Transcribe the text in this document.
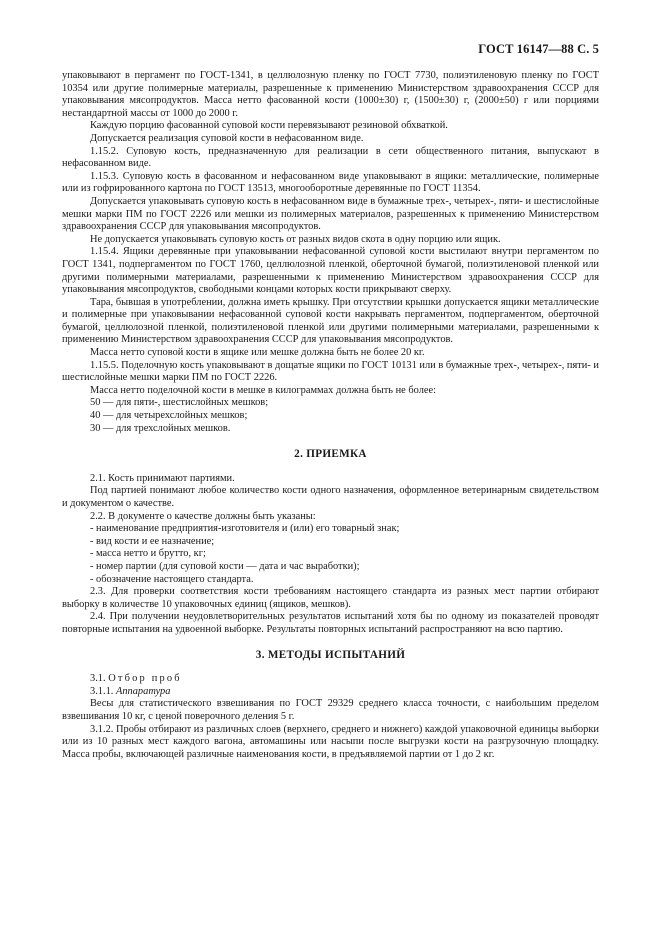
ГОСТ 16147—88 С. 5

упаковывают в пергамент по ГОСТ-1341, в целлюлозную пленку по ГОСТ 7730, полиэтиленовую пленку по ГОСТ 10354 или другие полимерные материалы, разрешенные к применению Министерством здравоохранения СССР для упаковывания мясопродуктов. Масса нетто фасованной кости (1000±30) г, (1500±30) г, (2000±50) г или порциями нестандартной массы от 1000 до 2000 г.

Каждую порцию фасованной суповой кости перевязывают резиновой обхваткой.

Допускается реализация суповой кости в нефасованном виде.

1.15.2. Суповую кость, предназначенную для реализации в сети общественного питания, выпускают в нефасованном виде.

1.15.3. Суповую кость в фасованном и нефасованном виде упаковывают в ящики: металлические, полимерные или из гофрированного картона по ГОСТ 13513, многооборотные деревянные по ГОСТ 11354.

Допускается упаковывать суповую кость в нефасованном виде в бумажные трех-, четырех-, пяти- и шестислойные мешки марки ПМ по ГОСТ 2226 или мешки из полимерных материалов, разрешенных к применению Министерством здравоохранения СССР для упаковывания мясопродуктов.

Не допускается упаковывать суповую кость от разных видов скота в одну порцию или ящик.

1.15.4. Ящики деревянные при упаковывании нефасованной суповой кости выстилают внутри пергаментом по ГОСТ 1341, подпергаментом по ГОСТ 1760, целлюлозной пленкой, оберточной бумагой, полиэтиленовой пленкой или другими полимерными материалами, разрешенными к применению Министерством здравоохранения СССР для упаковывания мясопродуктов, свободными концами которых кости прикрывают сверху.

Тара, бывшая в употреблении, должна иметь крышку. При отсутствии крышки допускается ящики металлические и полимерные при упаковывании нефасованной суповой кости накрывать пергаментом, подпергаментом, оберточной бумагой, целлюлозной пленкой, полиэтиленовой пленкой или другими полимерными материалами, разрешенными к применению Министерством здравоохранения СССР для упаковывания мясопродуктов.

Масса нетто суповой кости в ящике или мешке должна быть не более 20 кг.

1.15.5. Поделочную кость упаковывают в дощатые ящики по ГОСТ 10131 или в бумажные трех-, четырех-, пяти- и шестислойные мешки марки ПМ по ГОСТ 2226.

Масса нетто поделочной кости в мешке в килограммах должна быть не более:

50 — для пяти-, шестислойных мешков;

40 — для четырехслойных мешков;

30 — для трехслойных мешков.

2. ПРИЕМКА

2.1. Кость принимают партиями.

Под партией понимают любое количество кости одного назначения, оформленное ветеринарным свидетельством и документом о качестве.

2.2. В документе о качестве должны быть указаны:

- наименование предприятия-изготовителя и (или) его товарный знак;

- вид кости и ее назначение;

- масса нетто и брутто, кг;

- номер партии (для суповой кости — дата и час выработки);

- обозначение настоящего стандарта.

2.3. Для проверки соответствия кости требованиям настоящего стандарта из разных мест партии отбирают выборку в количестве 10 упаковочных единиц (ящиков, мешков).

2.4. При получении неудовлетворительных результатов испытаний хотя бы по одному из показателей проводят повторные испытания на удвоенной выборке. Результаты повторных испытаний распространяют на всю партию.

3. МЕТОДЫ ИСПЫТАНИЙ

3.1. Отбор проб

3.1.1. Аппаратура

Весы для статистического взвешивания по ГОСТ 29329 среднего класса точности, с наибольшим пределом взвешивания 10 кг, с ценой поверочного деления 5 г.

3.1.2. Пробы отбирают из различных слоев (верхнего, среднего и нижнего) каждой упаковочной единицы выборки или из 10 разных мест каждого вагона, автомашины или насыпи после выгрузки кости на разгрузочную площадку. Масса пробы, включающей различные наименования кости, в предъявляемой партии от 1 до 2 кг.
